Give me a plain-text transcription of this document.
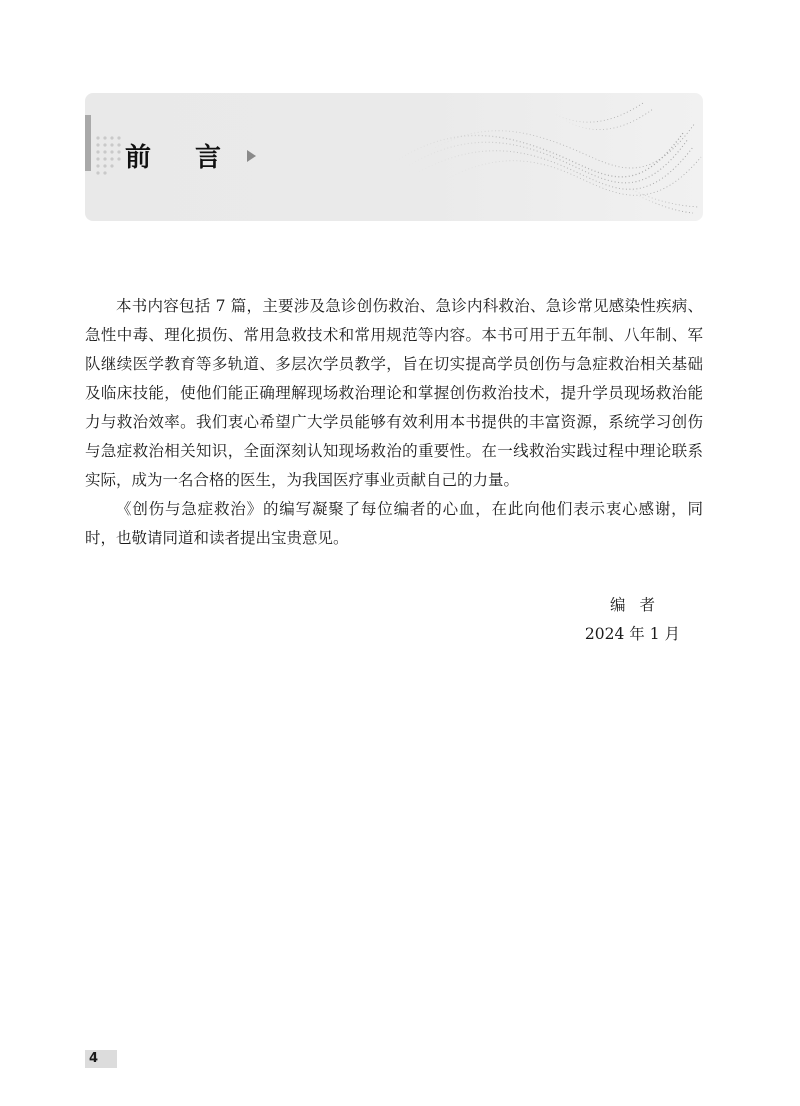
前言

本书内容包括 7 篇，主要涉及急诊创伤救治、急诊内科救治、急诊常见感染性疾病、急性中毒、理化损伤、常用急救技术和常用规范等内容。本书可用于五年制、八年制、军队继续医学教育等多轨道、多层次学员教学，旨在切实提高学员创伤与急症救治相关基础及临床技能，使他们能正确理解现场救治理论和掌握创伤救治技术，提升学员现场救治能力与救治效率。我们衷心希望广大学员能够有效利用本书提供的丰富资源，系统学习创伤与急症救治相关知识，全面深刻认知现场救治的重要性。在一线救治实践过程中理论联系实际，成为一名合格的医生，为我国医疗事业贡献自己的力量。

《创伤与急症救治》的编写凝聚了每位编者的心血，在此向他们表示衷心感谢，同时，也敬请同道和读者提出宝贵意见。

编者
2024 年 1 月
4
